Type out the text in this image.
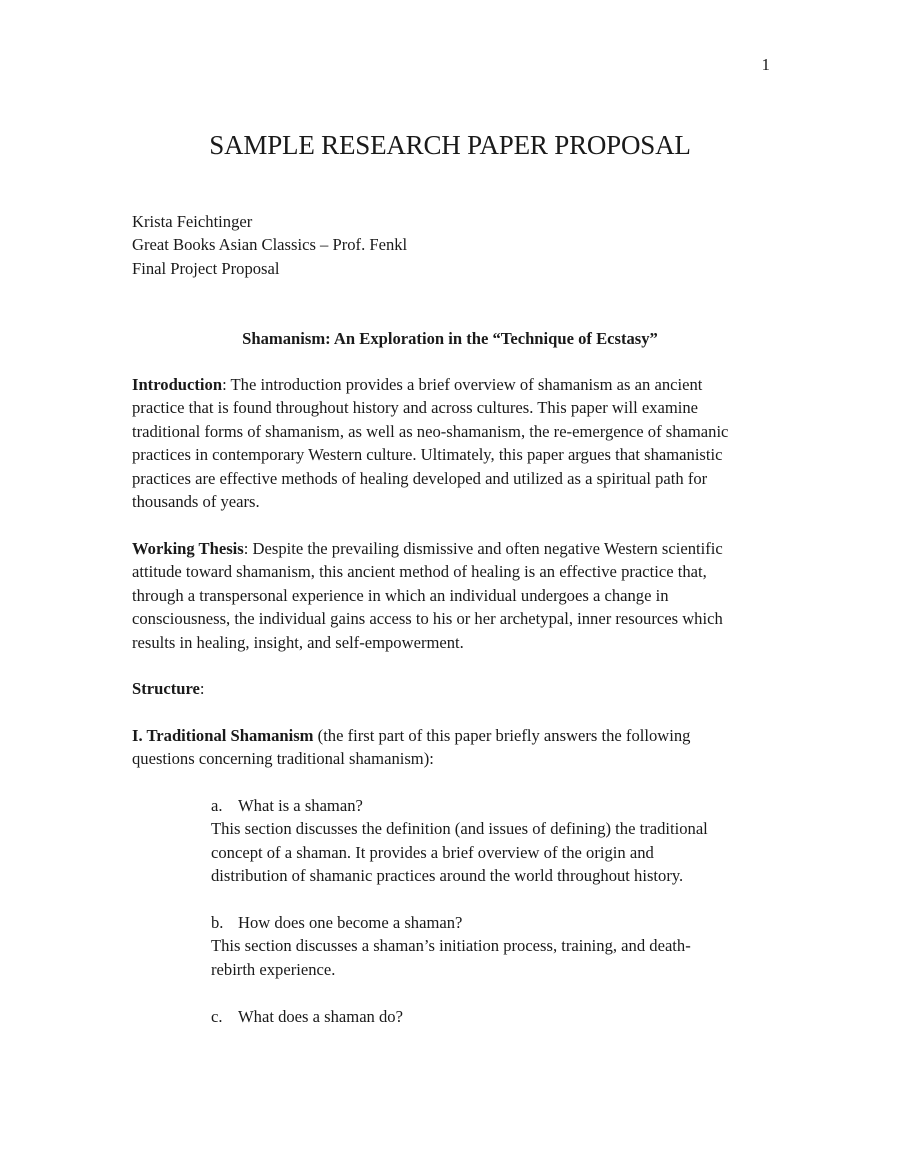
1
SAMPLE RESEARCH PAPER PROPOSAL
Krista Feichtinger
Great Books Asian Classics – Prof. Fenkl
Final Project Proposal
Shamanism: An Exploration in the “Technique of Ecstasy”
Introduction: The introduction provides a brief overview of shamanism as an ancient
practice that is found throughout history and across cultures. This paper will examine
traditional forms of shamanism, as well as neo-shamanism, the re-emergence of shamanic
practices in contemporary Western culture. Ultimately, this paper argues that shamanistic
practices are effective methods of healing developed and utilized as a spiritual path for
thousands of years.
Working Thesis: Despite the prevailing dismissive and often negative Western scientific
attitude toward shamanism, this ancient method of healing is an effective practice that,
through a transpersonal experience in which an individual undergoes a change in
consciousness, the individual gains access to his or her archetypal, inner resources which
results in healing, insight, and self-empowerment.
Structure:
I. Traditional Shamanism (the first part of this paper briefly answers the following
questions concerning traditional shamanism):
a. What is a shaman?
This section discusses the definition (and issues of defining) the traditional
concept of a shaman. It provides a brief overview of the origin and
distribution of shamanic practices around the world throughout history.
b. How does one become a shaman?
This section discusses a shaman’s initiation process, training, and death-
rebirth experience.
c. What does a shaman do?
